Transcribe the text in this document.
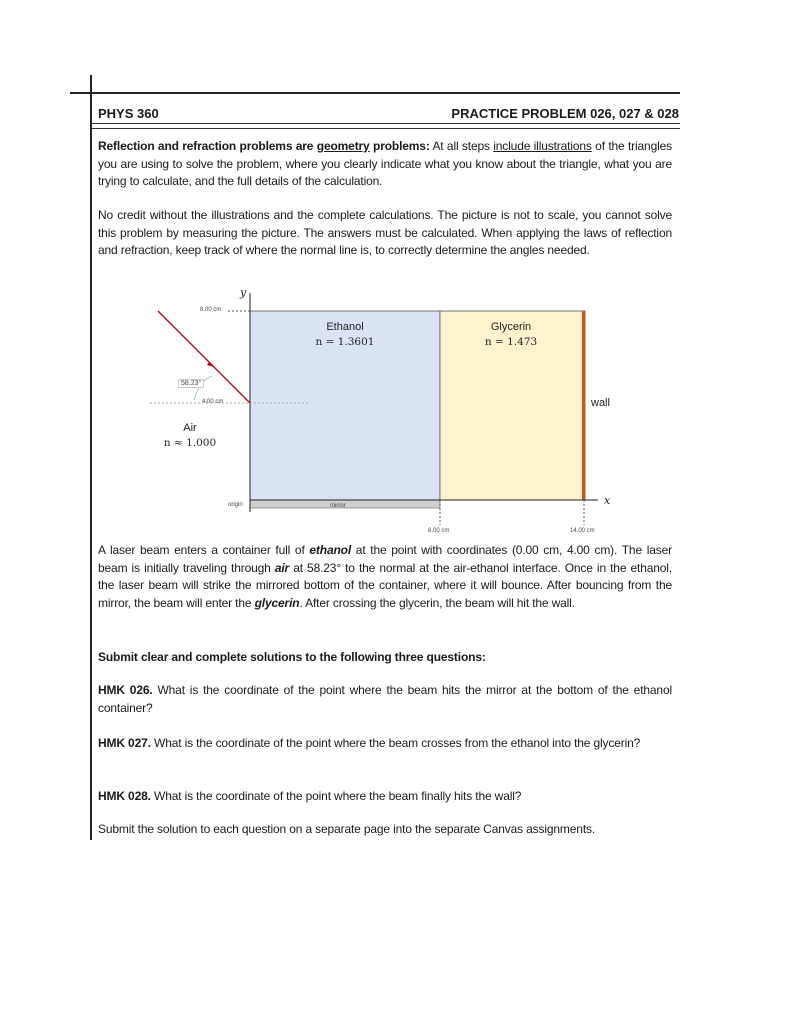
PHYS 360	PRACTICE PROBLEM 026, 027 & 028
Reflection and refraction problems are geometry problems: At all steps include illustrations of the triangles you are using to solve the problem, where you clearly indicate what you know about the triangle, what you are trying to calculate, and the full details of the calculation.
No credit without the illustrations and the complete calculations. The picture is not to scale, you cannot solve this problem by measuring the picture. The answers must be calculated. When applying the laws of reflection and refraction, keep track of where the normal line is, to correctly determine the angles needed.
y
8.00 cm
4.00 cm
58.23°
origin	mirror
8.00 cm	14.00 cm
x
Ethanol
n = 1.3601
Glycerin
n = 1.473
wall
Air
n ≈ 1.000
A laser beam enters a container full of ethanol at the point with coordinates (0.00 cm, 4.00 cm). The laser beam is initially traveling through air at 58.23° to the normal at the air-ethanol interface. Once in the ethanol, the laser beam will strike the mirrored bottom of the container, where it will bounce. After bouncing from the mirror, the beam will enter the glycerin. After crossing the glycerin, the beam will hit the wall.
Submit clear and complete solutions to the following three questions:
HMK 026. What is the coordinate of the point where the beam hits the mirror at the bottom of the ethanol container?
HMK 027. What is the coordinate of the point where the beam crosses from the ethanol into the glycerin?
HMK 028. What is the coordinate of the point where the beam finally hits the wall?
Submit the solution to each question on a separate page into the separate Canvas assignments.
